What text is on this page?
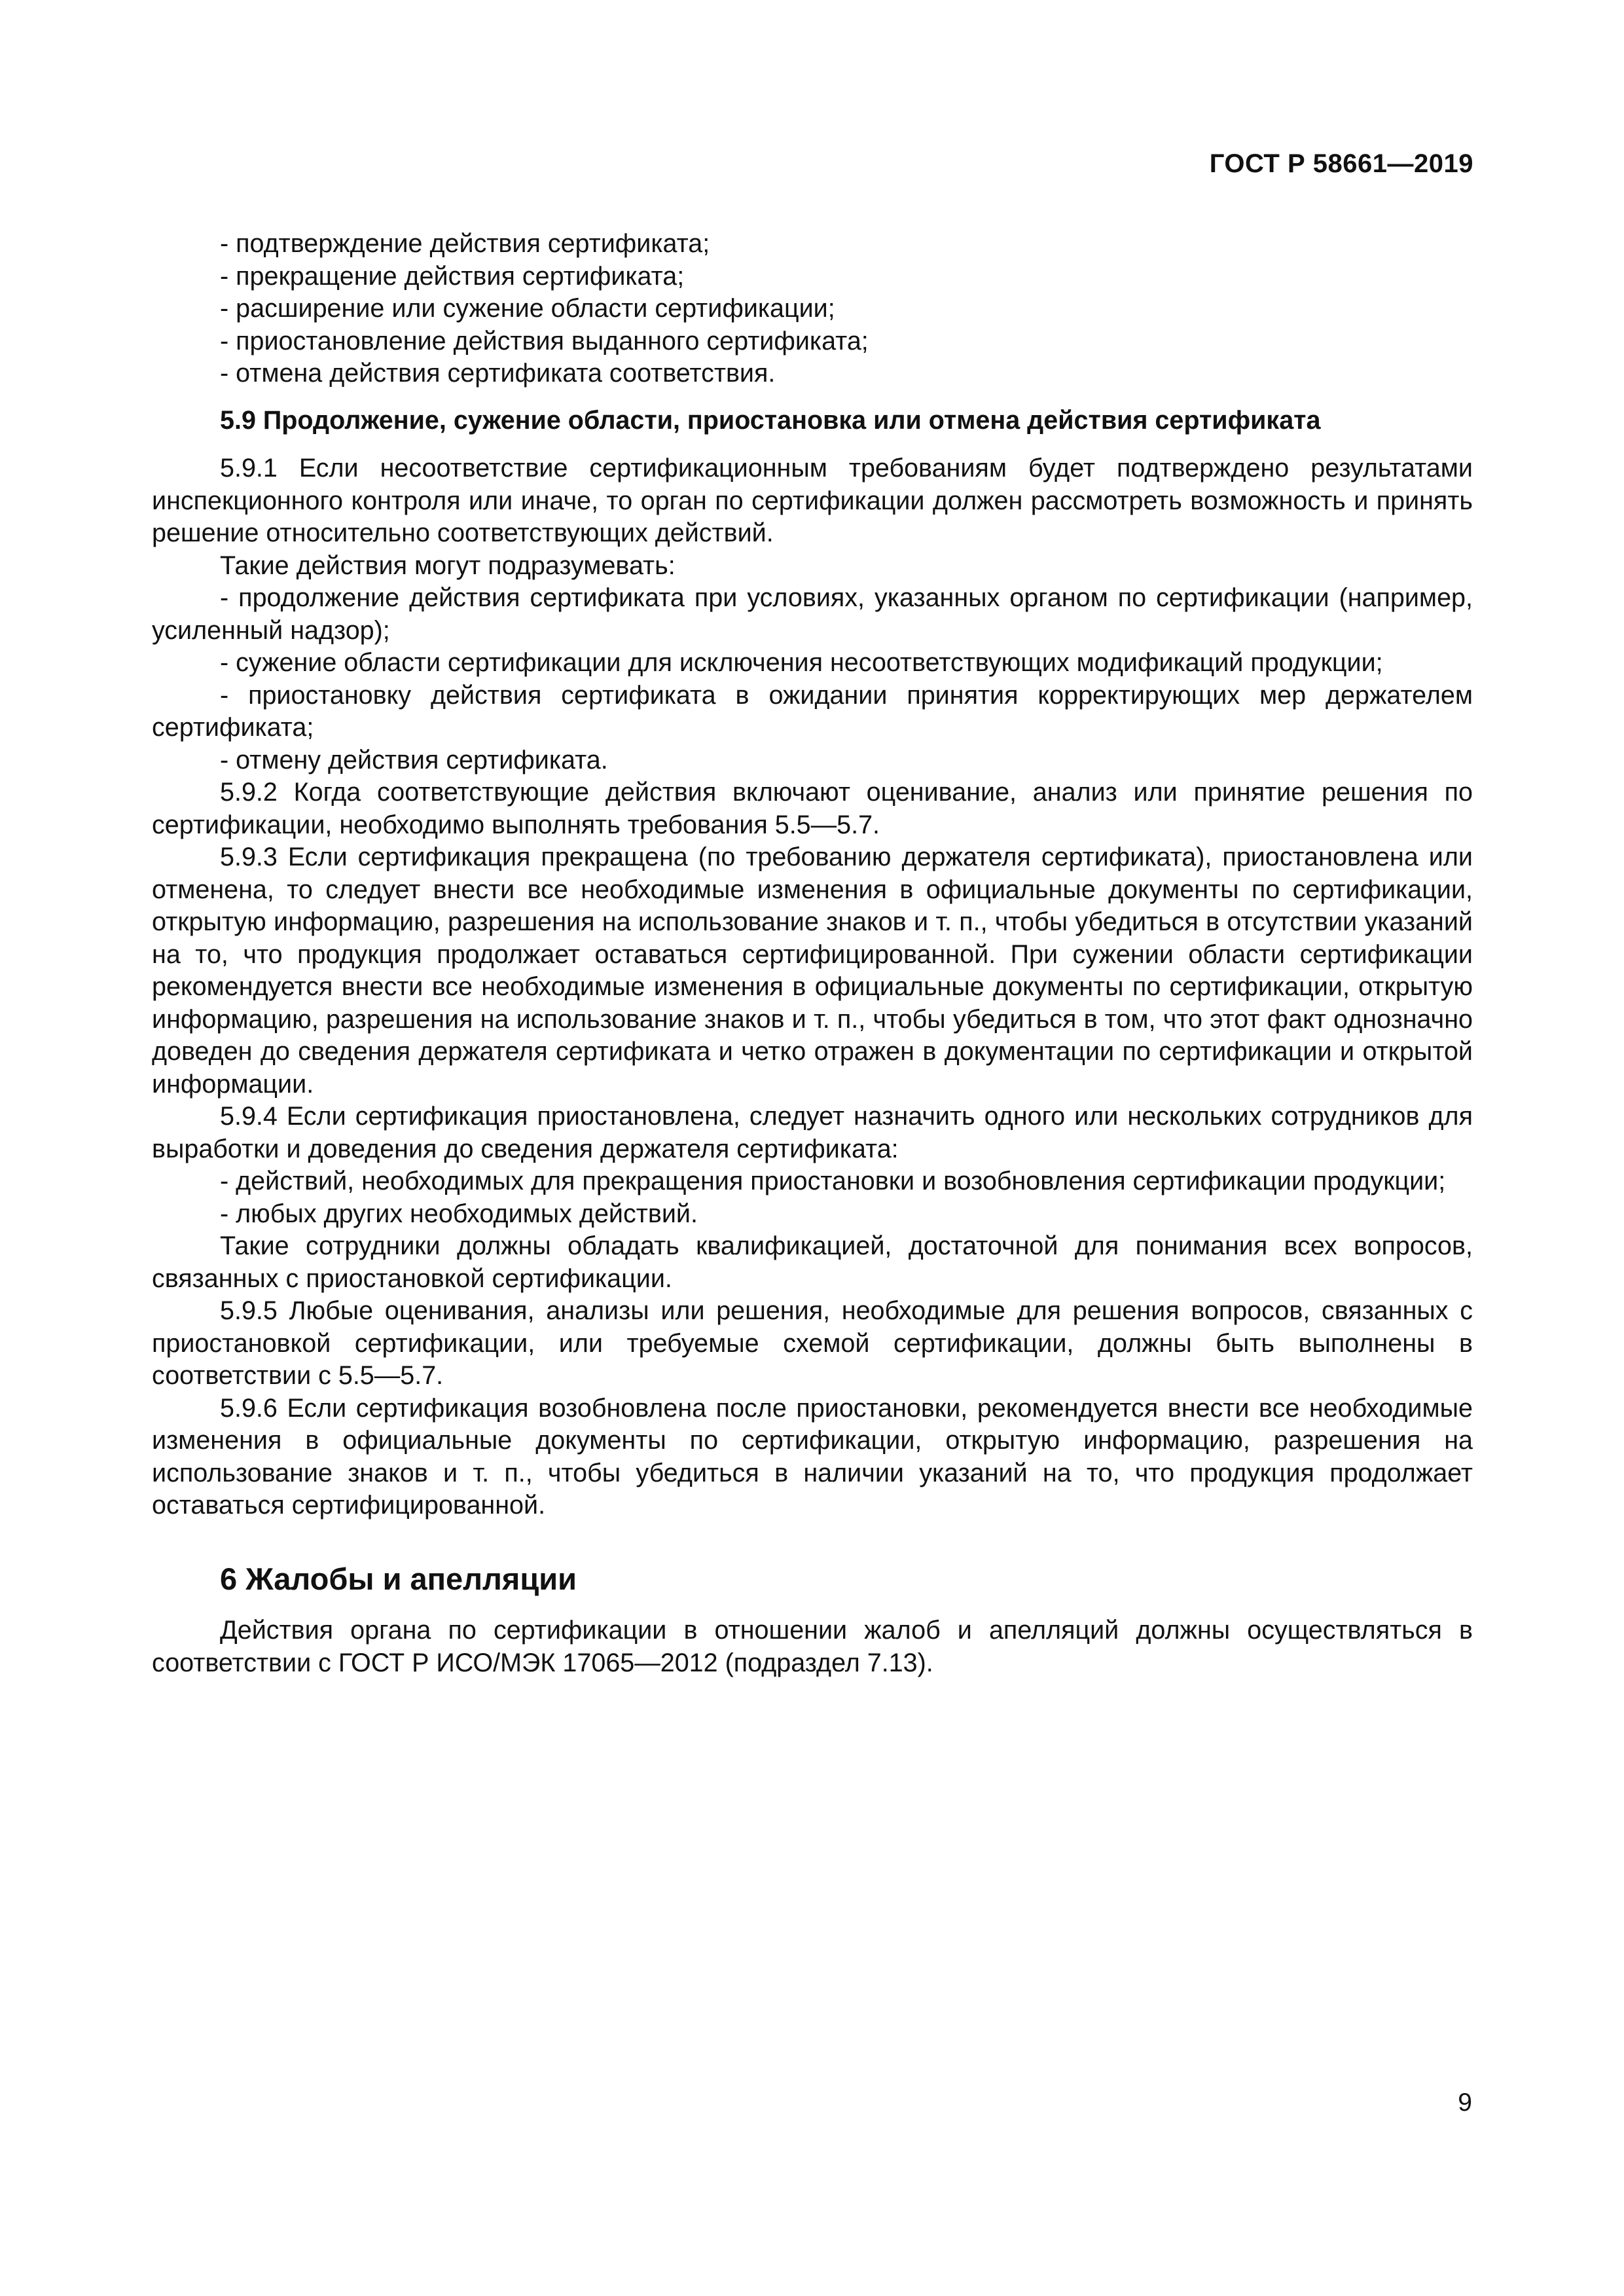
ГОСТ Р 58661—2019

- подтверждение действия сертификата;

- прекращение действия сертификата;

- расширение или сужение области сертификации;

- приостановление действия выданного сертификата;

- отмена действия сертификата соответствия.

5.9 Продолжение, сужение области, приостановка или отмена действия сертификата

5.9.1 Если несоответствие сертификационным требованиям будет подтверждено результатами инспекционного контроля или иначе, то орган по сертификации должен рассмотреть возможность и принять решение относительно соответствующих действий.

Такие действия могут подразумевать:

- продолжение действия сертификата при условиях, указанных органом по сертификации (например, усиленный надзор);

- сужение области сертификации для исключения несоответствующих модификаций продукции;

- приостановку действия сертификата в ожидании принятия корректирующих мер держателем сертификата;

- отмену действия сертификата.

5.9.2 Когда соответствующие действия включают оценивание, анализ или принятие решения по сертификации, необходимо выполнять требования 5.5—5.7.

5.9.3 Если сертификация прекращена (по требованию держателя сертификата), приостановлена или отменена, то следует внести все необходимые изменения в официальные документы по сертификации, открытую информацию, разрешения на использование знаков и т. п., чтобы убедиться в отсутствии указаний на то, что продукция продолжает оставаться сертифицированной. При сужении области сертификации рекомендуется внести все необходимые изменения в официальные документы по сертификации, открытую информацию, разрешения на использование знаков и т. п., чтобы убедиться в том, что этот факт однозначно доведен до сведения держателя сертификата и четко отражен в документации по сертификации и открытой информации.

5.9.4 Если сертификация приостановлена, следует назначить одного или нескольких сотрудников для выработки и доведения до сведения держателя сертификата:

- действий, необходимых для прекращения приостановки и возобновления сертификации продукции;

- любых других необходимых действий.

Такие сотрудники должны обладать квалификацией, достаточной для понимания всех вопросов, связанных с приостановкой сертификации.

5.9.5 Любые оценивания, анализы или решения, необходимые для решения вопросов, связанных с приостановкой сертификации, или требуемые схемой сертификации, должны быть выполнены в соответствии с 5.5—5.7.

5.9.6 Если сертификация возобновлена после приостановки, рекомендуется внести все необходимые изменения в официальные документы по сертификации, открытую информацию, разрешения на использование знаков и т. п., чтобы убедиться в наличии указаний на то, что продукция продолжает оставаться сертифицированной.

6 Жалобы и апелляции

Действия органа по сертификации в отношении жалоб и апелляций должны осуществляться в соответствии с ГОСТ Р ИСО/МЭК 17065—2012 (подраздел 7.13).

9
